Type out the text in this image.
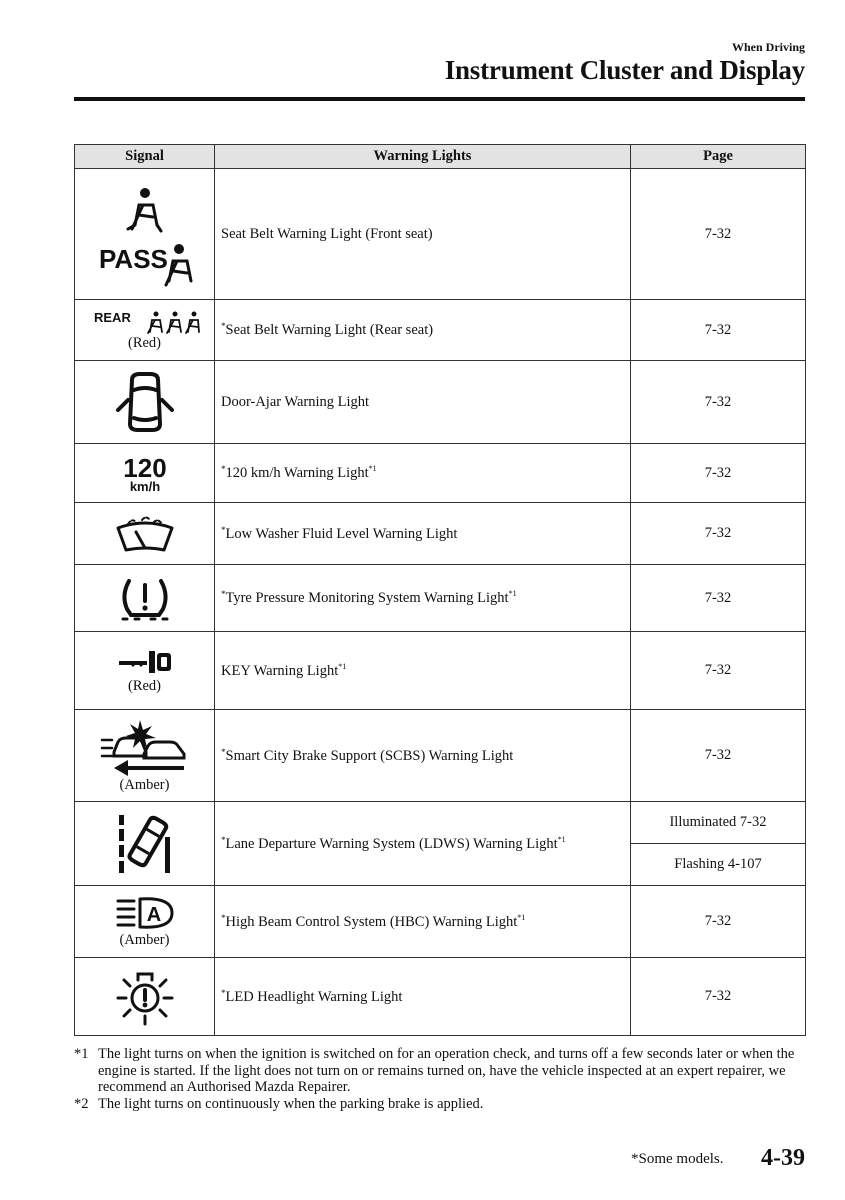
When Driving
Instrument Cluster and Display
Signal	Warning Lights	Page

PASS	Seat Belt Warning Light (Front seat)	7-32

REAR
(Red)	*Seat Belt Warning Light (Rear seat)	7-32

	Door-Ajar Warning Light	7-32

120
km/h	*120 km/h Warning Light$^{*1}$	7-32

	*Low Washer Fluid Level Warning Light	7-32

	*Tyre Pressure Monitoring System Warning Light$^{*1}$	7-32

(Red)	KEY Warning Light$^{*1}$	7-32

(Amber)	*Smart City Brake Support (SCBS) Warning Light	7-32

	*Lane Departure Warning System (LDWS) Warning Light$^{*1}$	Illuminated 7-32
Flashing 4-107

A
(Amber)	*High Beam Control System (HBC) Warning Light$^{*1}$	7-32

	*LED Headlight Warning Light	7-32
*1 The light turns on when the ignition is switched on for an operation check, and turns off a few seconds later or when the engine is started. If the light does not turn on or remains turned on, have the vehicle inspected at an expert repairer, we recommend an Authorised Mazda Repairer.
*2 The light turns on continuously when the parking brake is applied.
*Some models. 4-39
